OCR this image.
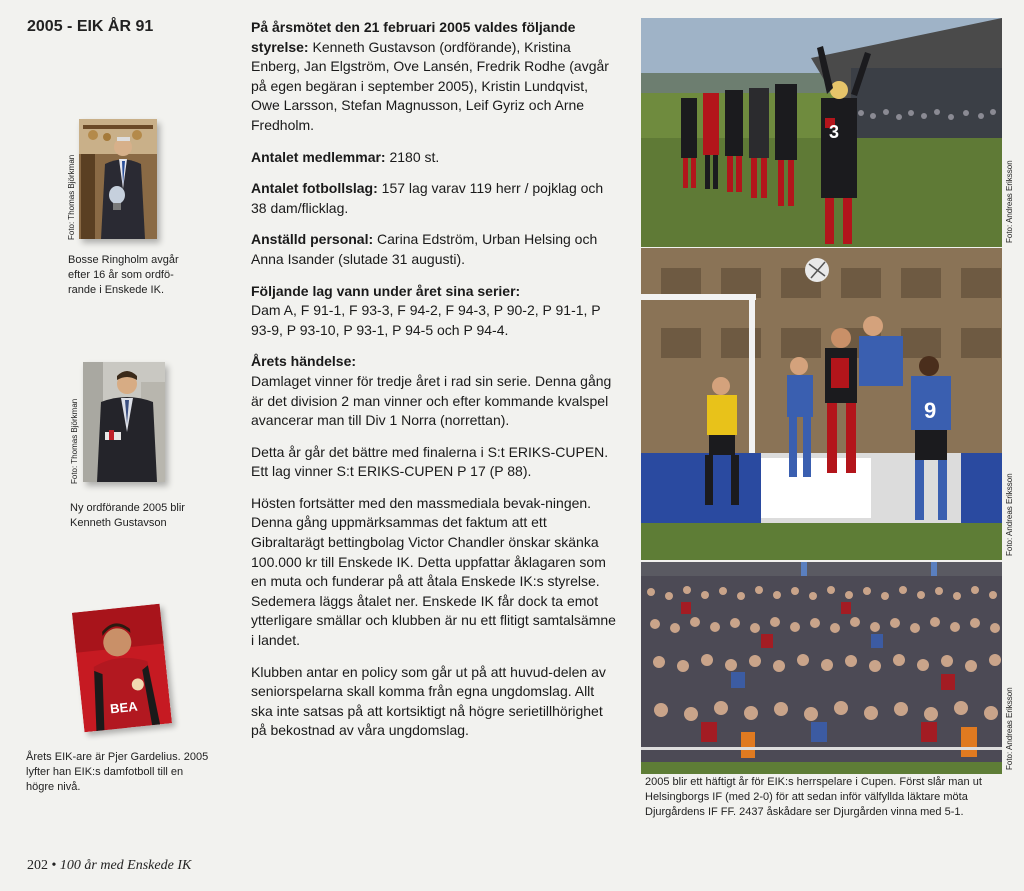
2005 - EIK ÅR 91
Foto: Thomas Björkman
Bosse Ringholm avgår efter 16 år som ordfö-rande i Enskede IK.
Foto: Thomas Björkman
Ny ordförande 2005 blir Kenneth Gustavson
BEA
Årets EIK-are är Pjer Gardelius. 2005 lyfter han EIK:s damfotboll till en högre nivå.

På årsmötet den 21 februari 2005 valdes följande styrelse: Kenneth Gustavson (ordförande), Kristina Enberg, Jan Elgström, Ove Lansén, Fredrik Rodhe (avgår på egen begäran i september 2005), Kristin Lundqvist, Owe Larsson, Stefan Magnusson, Leif Gyriz och Arne Fredholm.

Antalet medlemmar: 2180 st.

Antalet fotbollslag: 157 lag varav 119 herr / pojklag och 38 dam/flicklag.

Anställd personal: Carina Edström, Urban Helsing och Anna Isander (slutade 31 augusti).

Följande lag vann under året sina serier:
Dam A, F 91-1, F 93-3, F 94-2, F 94-3, P 90-2, P 91-1, P 93-9, P 93-10, P 93-1, P 94-5 och P 94-4.

Årets händelse:
Damlaget vinner för tredje året i rad sin serie. Denna gång är det division 2 man vinner och efter kommande kvalspel avancerar man till Div 1 Norra (norrettan).

Detta år går det bättre med finalerna i S:t ERIKS-CUPEN. Ett lag vinner S:t ERIKS-CUPEN P 17 (P 88).

Hösten fortsätter med den massmediala bevak-ningen. Denna gång uppmärksammas det faktum att ett Gibraltarägt bettingbolag Victor Chandler önskar skänka 100.000 kr till Enskede IK. Detta uppfattar åklagaren som en muta och funderar på att åtala Enskede IK:s styrelse. Sedemera läggs åtalet ner. Enskede IK får dock ta emot ytterligare smällar och klubben är nu ett flitigt samtalsämne i landet.

Klubben antar en policy som går ut på att huvud-delen av seniorspelarna skall komma från egna ungdomslag. Allt ska inte satsas på att kortsiktigt nå högre serietillhörighet på bekostnad av våra ungdomslag.

3
Foto: Andreas Eriksson
9
Foto: Andreas Eriksson
Foto: Andreas Eriksson
2005 blir ett häftigt år för EIK:s herrspelare i Cupen. Först slår man ut Helsingborgs IF (med 2-0) för att sedan inför välfyllda läktare möta Djurgårdens IF FF. 2437 åskådare ser Djurgården vinna med 5-1.
202 • 100 år med Enskede IK
